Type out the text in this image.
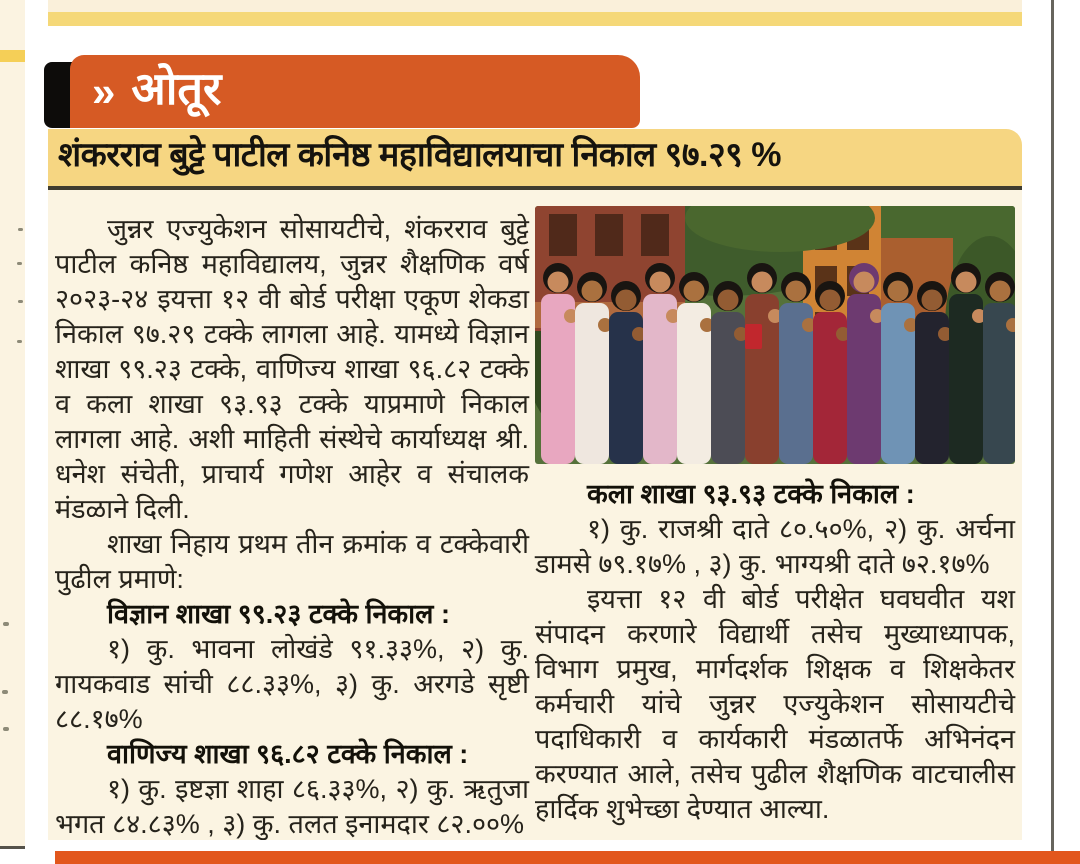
» ओतूर
शंकरराव बुट्टे पाटील कनिष्ठ महाविद्यालयाचा निकाल ९७.२९ %

जुन्नर एज्युकेशन सोसायटीचे, शंकरराव बुट्टे पाटील कनिष्ठ महाविद्यालय, जुन्नर शैक्षणिक वर्ष २०२३-२४ इयत्ता १२ वी बोर्ड परीक्षा एकूण शेकडा निकाल ९७.२९ टक्के लागला आहे. यामध्ये विज्ञान शाखा ९९.२३ टक्के, वाणिज्य शाखा ९६.८२ टक्के व कला शाखा ९३.९३ टक्के याप्रमाणे निकाल लागला आहे. अशी माहिती संस्थेचे कार्याध्यक्ष श्री. धनेश संचेती, प्राचार्य गणेश आहेर व संचालक मंडळाने दिली.

शाखा निहाय प्रथम तीन क्रमांक व टक्केवारी पुढील प्रमाणे:

विज्ञान शाखा ९९.२३ टक्के निकाल :

१) कु. भावना लोखंडे ९१.३३%, २) कु. गायकवाड सांची ८८.३३%, ३) कु. अरगडे सृष्टी ८८.१७%

वाणिज्य शाखा ९६.८२ टक्के निकाल :

१) कु. इष्टज्ञा शाहा ८६.३३%, २) कु. ऋतुजा भगत ८४.८३% , ३) कु. तलत इनामदार ८२.००%

कला शाखा ९३.९३ टक्के निकाल :

१) कु. राजश्री दाते ८०.५०%, २) कु. अर्चना डामसे ७९.१७% , ३) कु. भाग्यश्री दाते ७२.१७%

इयत्ता १२ वी बोर्ड परीक्षेत घवघवीत यश संपादन करणारे विद्यार्थी तसेच मुख्याध्यापक, विभाग प्रमुख, मार्गदर्शक शिक्षक व शिक्षकेतर कर्मचारी यांचे जुन्नर एज्युकेशन सोसायटीचे पदाधिकारी व कार्यकारी मंडळातर्फे अभिनंदन करण्यात आले, तसेच पुढील शैक्षणिक वाटचालीस हार्दिक शुभेच्छा देण्यात आल्या.
